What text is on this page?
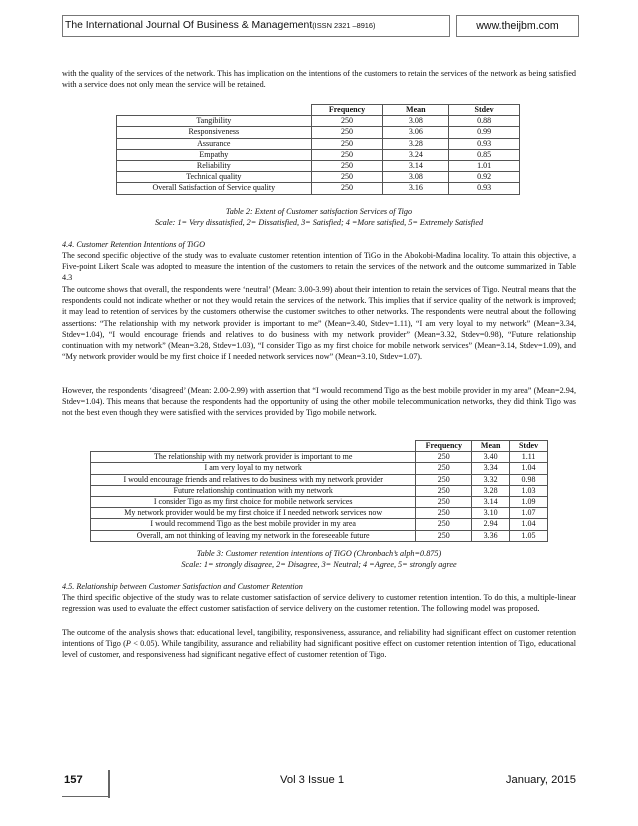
The International Journal Of Business & Management(ISSN 2321 –8916)	www.theijbm.com

with the quality of the services of the network. This has implication on the intentions of the customers to retain the services of the network as being satisfied with a service does not only mean the service will be retained.

	Frequency	Mean	Stdev
Tangibility	250	3.08	0.88
Responsiveness	250	3.06	0.99
Assurance	250	3.28	0.93
Empathy	250	3.24	0.85
Reliability	250	3.14	1.01
Technical quality	250	3.08	0.92
Overall Satisfaction of Service quality	250	3.16	0.93

Table 2: Extent of Customer satisfaction Services of Tigo

Scale: 1= Very dissatisfied, 2= Dissatisfied, 3= Satisfied; 4 =More satisfied, 5= Extremely Satisfied

4.4. Customer Retention Intentions of TiGO

The second specific objective of the study was to evaluate customer retention intention of TiGo in the Abokobi-Madina locality. To attain this objective, a Five-point Likert Scale was adopted to measure the intention of the customers to retain the services of the network and the outcome summarized in Table 4.3

The outcome shows that overall, the respondents were ‘neutral’ (Mean: 3.00-3.99) about their intention to retain the services of Tigo. Neutral means that the respondents could not indicate whether or not they would retain the services of the network. This implies that if service quality of the network is improved; it may lead to retention of services by the customers otherwise the customer switches to other networks. The respondents were neutral about the following assertions: “The relationship with my network provider is important to me” (Mean=3.40, Stdev=1.11), “I am very loyal to my network” (Mean=3.34, Stdev=1.04), “I would encourage friends and relatives to do business with my network provider” (Mean=3.32, Stdev=0.98), “Future relationship continuation with my network” (Mean=3.28, Stdev=1.03), “I consider Tigo as my first choice for mobile network services” (Mean=3.14, Stdev=1.09), and “My network provider would be my first choice if I needed network services now” (Mean=3.10, Stdev=1.07).

However, the respondents ‘disagreed’ (Mean: 2.00-2.99) with assertion that “I would recommend Tigo as the best mobile provider in my area” (Mean=2.94, Stdev=1.04). This means that because the respondents had the opportunity of using the other mobile telecommunication networks, they did think Tigo was not the best even though they were satisfied with the services provided by Tigo mobile network.

	Frequency	Mean	Stdev
The relationship with my network provider is important to me	250	3.40	1.11
I am very loyal to my network	250	3.34	1.04
I would encourage friends and relatives to do business with my network provider	250	3.32	0.98
Future relationship continuation with my network	250	3.28	1.03
I consider Tigo as my first choice for mobile network services	250	3.14	1.09
My network provider would be my first choice if I needed network services now	250	3.10	1.07
I would recommend Tigo as the best mobile provider in my area	250	2.94	1.04
Overall, am not thinking of leaving my network in the foreseeable future	250	3.36	1.05

Table 3: Customer retention intentions of TiGO (Chronbach’s alph=0.875)

Scale: 1= strongly disagree, 2= Disagree, 3= Neutral; 4 =Agree, 5= strongly agree

4.5. Relationship between Customer Satisfaction and Customer Retention

The third specific objective of the study was to relate customer satisfaction of service delivery to customer retention intention. To do this, a multiple-linear regression was used to evaluate the effect customer satisfaction of service delivery on the customer retention. The following model was proposed.

The outcome of the analysis shows that: educational level, tangibility, responsiveness, assurance, and reliability had significant effect on customer retention intentions of Tigo (P < 0.05). While tangibility, assurance and reliability had significant positive effect on customer retention intention of Tigo, educational level of customer, and responsiveness had significant negative effect of customer retention of Tigo.

157	Vol 3 Issue 1	January, 2015
